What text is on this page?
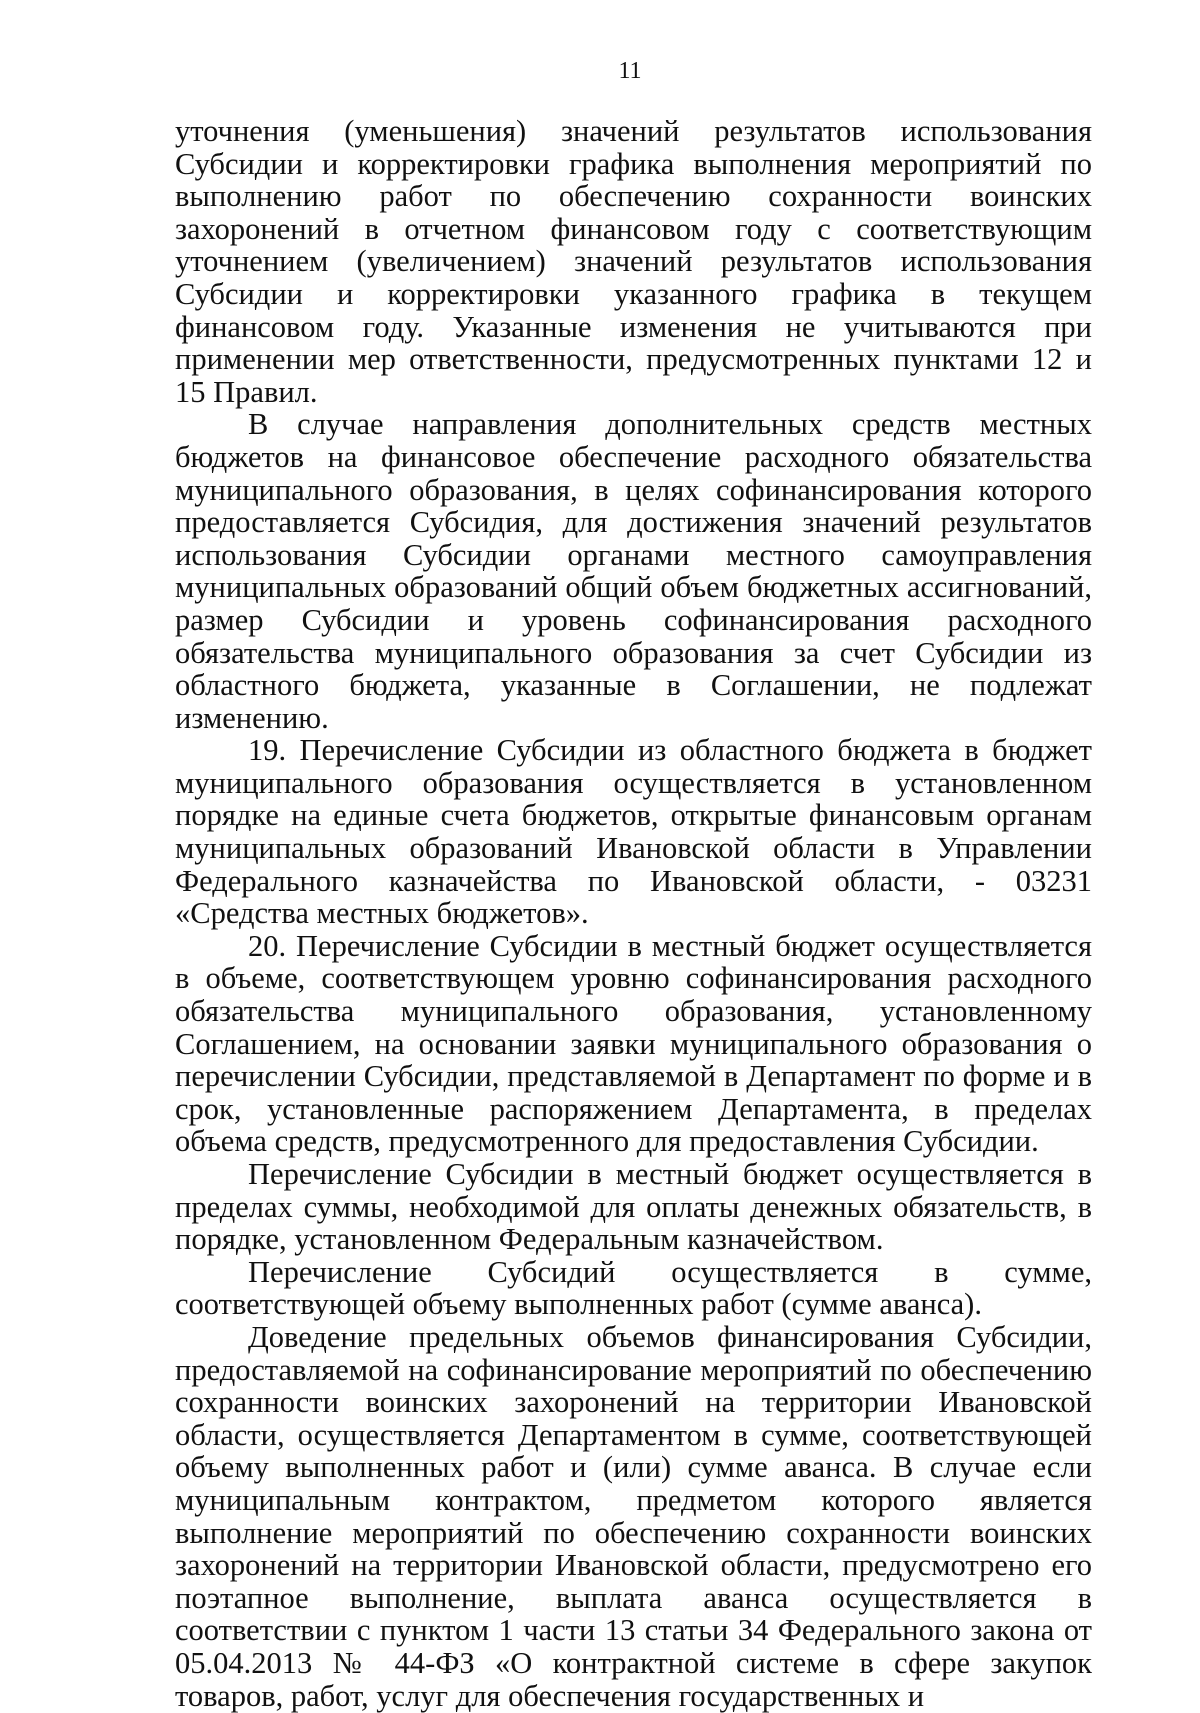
11

уточнения (уменьшения) значений результатов использования Субсидии и корректировки графика выполнения мероприятий по выполнению работ по обеспечению сохранности воинских захоронений в отчетном финансовом году с соответствующим уточнением (увеличением) значений результатов использования Субсидии и корректировки указанного графика в текущем финансовом году. Указанные изменения не учитываются при применении мер ответственности, предусмотренных пунктами 12 и 15 Правил.

В случае направления дополнительных средств местных бюджетов на финансовое обеспечение расходного обязательства муниципального образования, в целях софинансирования которого предоставляется Субсидия, для достижения значений результатов использования Субсидии органами местного самоуправления муниципальных образований общий объем бюджетных ассигнований, размер Субсидии и уровень софинансирования расходного обязательства муниципального образования за счет Субсидии из областного бюджета, указанные в Соглашении, не подлежат изменению.

19. Перечисление Субсидии из областного бюджета в бюджет муниципального образования осуществляется в установленном порядке на единые счета бюджетов, открытые финансовым органам муниципальных образований Ивановской области в Управлении Федерального казначейства по Ивановской области, - 03231 «Средства местных бюджетов».

20. Перечисление Субсидии в местный бюджет осуществляется в объеме, соответствующем уровню софинансирования расходного обязательства муниципального образования, установленному Соглашением, на основании заявки муниципального образования о перечислении Субсидии, представляемой в Департамент по форме и в срок, установленные распоряжением Департамента, в пределах объема средств, предусмотренного для предоставления Субсидии.

Перечисление Субсидии в местный бюджет осуществляется в пределах суммы, необходимой для оплаты денежных обязательств, в порядке, установленном Федеральным казначейством.

Перечисление Субсидий осуществляется в сумме, соответствующей объему выполненных работ (сумме аванса).

Доведение предельных объемов финансирования Субсидии, предоставляемой на софинансирование мероприятий по обеспечению сохранности воинских захоронений на территории Ивановской области, осуществляется Департаментом в сумме, соответствующей объему выполненных работ и (или) сумме аванса. В случае если муниципальным контрактом, предметом которого является выполнение мероприятий по обеспечению сохранности воинских захоронений на территории Ивановской области, предусмотрено его поэтапное выполнение, выплата аванса осуществляется в соответствии с пунктом 1 части 13 статьи 34 Федерального закона от 05.04.2013 № 44-ФЗ «О контрактной системе в сфере закупок товаров, работ, услуг для обеспечения государственных и
